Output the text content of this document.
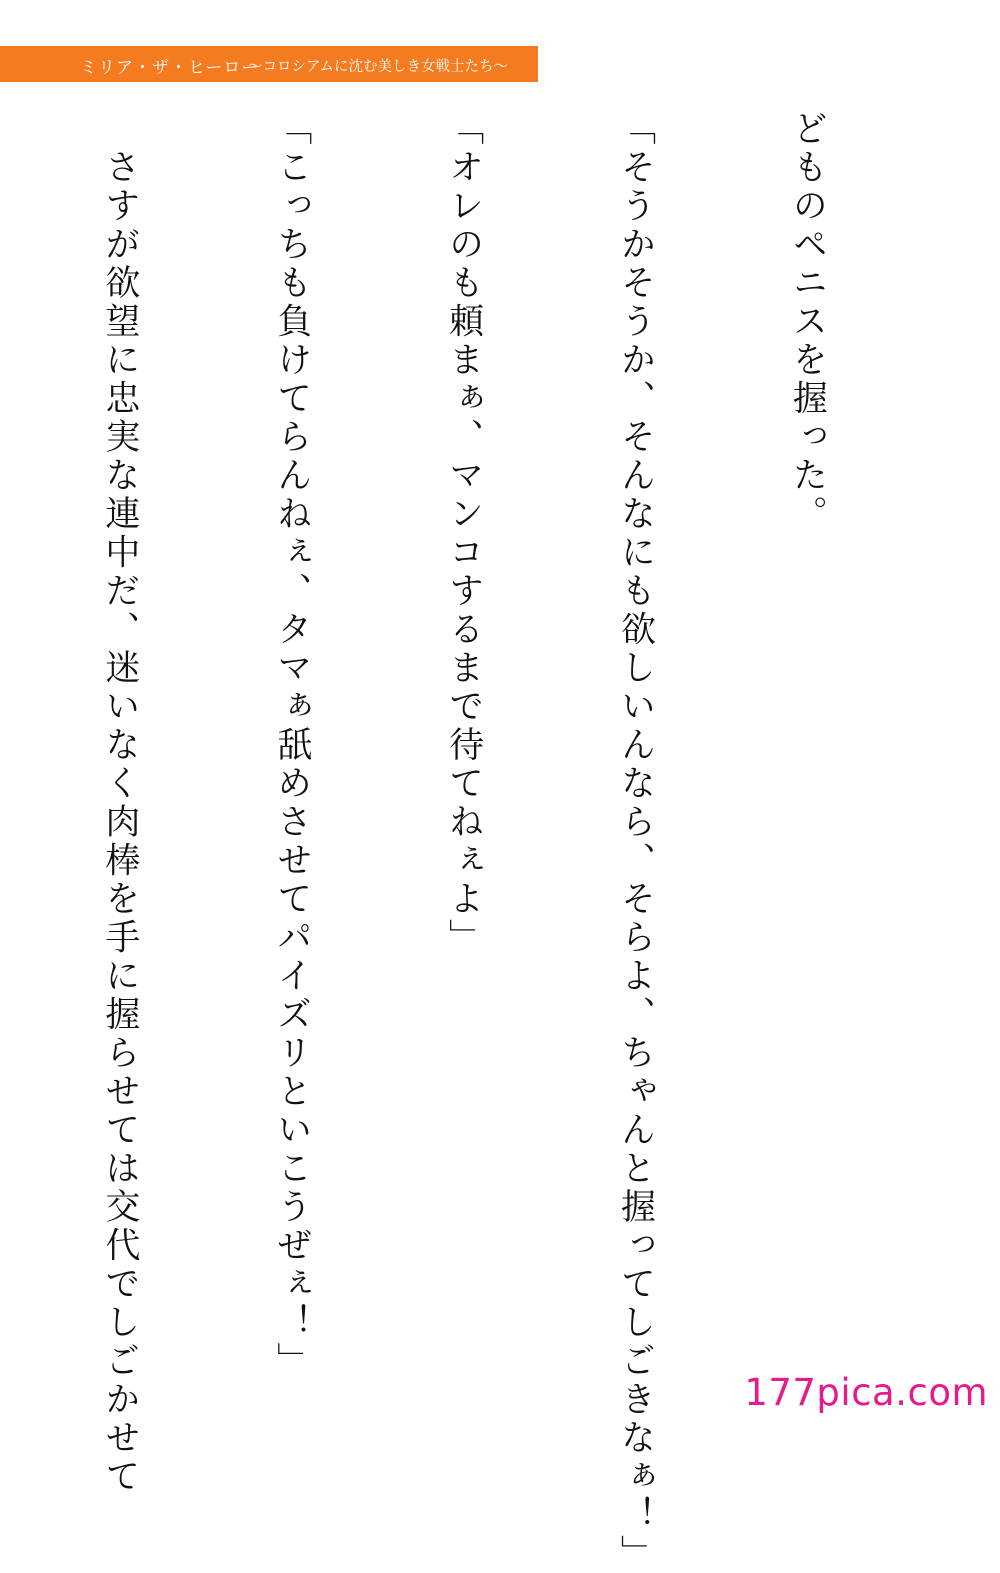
ミリア・ザ・ヒーロー
〜コロシアムに沈む美しき女戦士たち〜

どものペニスを握った。

「そうかそうか、そんなにも欲しいんなら、そらよ、ちゃんと握ってしごきなぁ！」

「オレのも頼まぁ、マンコするまで待てねぇよ」

「こっちも負けてらんねぇ、タマぁ舐めさせてパイズリといこうぜぇ！」

　さすが欲望に忠実な連中だ、迷いなく肉棒を手に握らせては交代でしごかせて

	177pica.com
